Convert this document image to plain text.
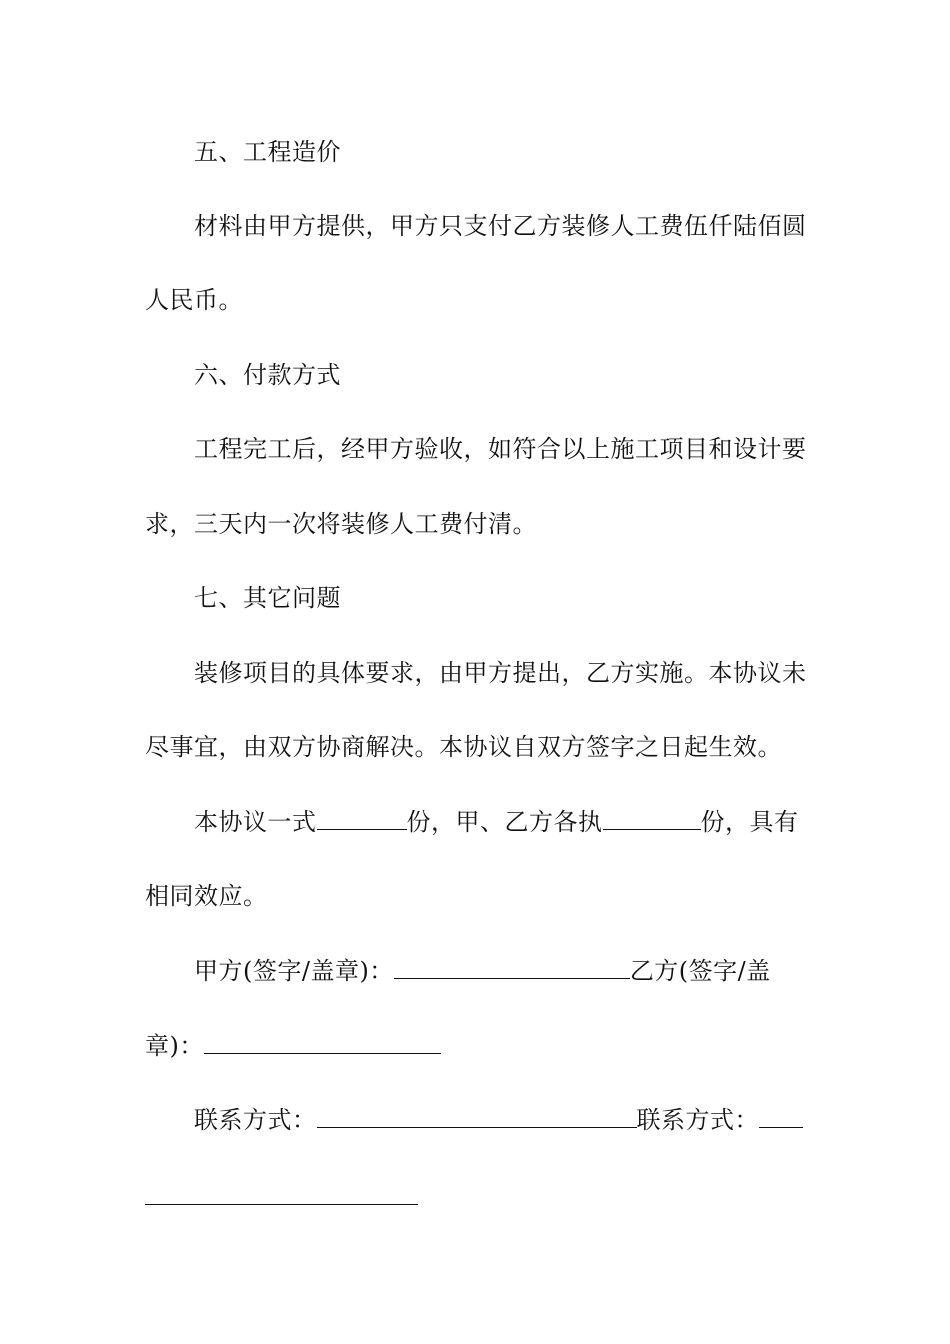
五、工程造价
材料由甲方提供，甲方只支付乙方装修人工费伍仟陆佰圆
人民币。
六、付款方式
工程完工后，经甲方验收，如符合以上施工项目和设计要
求，三天内一次将装修人工费付清。
七、其它问题
装修项目的具体要求，由甲方提出，乙方实施。本协议未
尽事宜，由双方协商解决。本协议自双方签字之日起生效。
本协议一式	份，甲、乙方各执	份，具有
相同效应。
甲方(签字/盖章)：	乙方(签字/盖
章)：
联系方式：	联系方式：
